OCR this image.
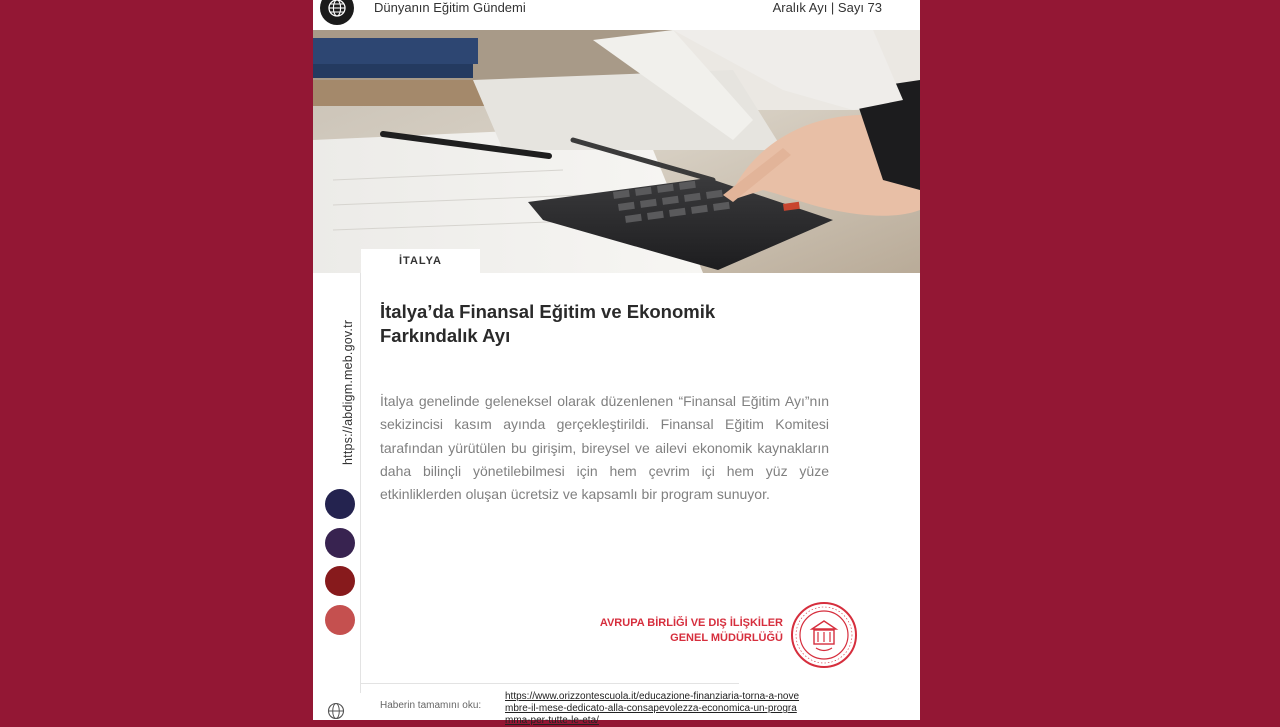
Dünyanın Eğitim Gündemi	Aralık Ayı | Sayı 73
İTALYA
https://abdigm.meb.gov.tr
İtalya’da Finansal Eğitim ve Ekonomik
Farkındalık Ayı
İtalya genelinde geleneksel olarak düzenlenen “Finansal Eğitim Ayı”nın sekizincisi kasım ayında gerçekleştirildi. Finansal Eğitim Komitesi tarafından yürütülen bu girişim, bireysel ve ailevi ekonomik kaynakların daha bilinçli yönetilebilmesi için hem çevrim içi hem yüz yüze etkinliklerden oluşan ücretsiz ve kapsamlı bir program sunuyor.
AVRUPA BİRLİĞİ VE DIŞ İLİŞKİLER
GENEL MÜDÜRLÜĞÜ
Haberin tamamını oku:
https://www.orizzontescuola.it/educazione-finanziaria-torna-a-novembre-il-mese-dedicato-alla-consapevolezza-economica-un-programma-per-tutte-le-eta/
